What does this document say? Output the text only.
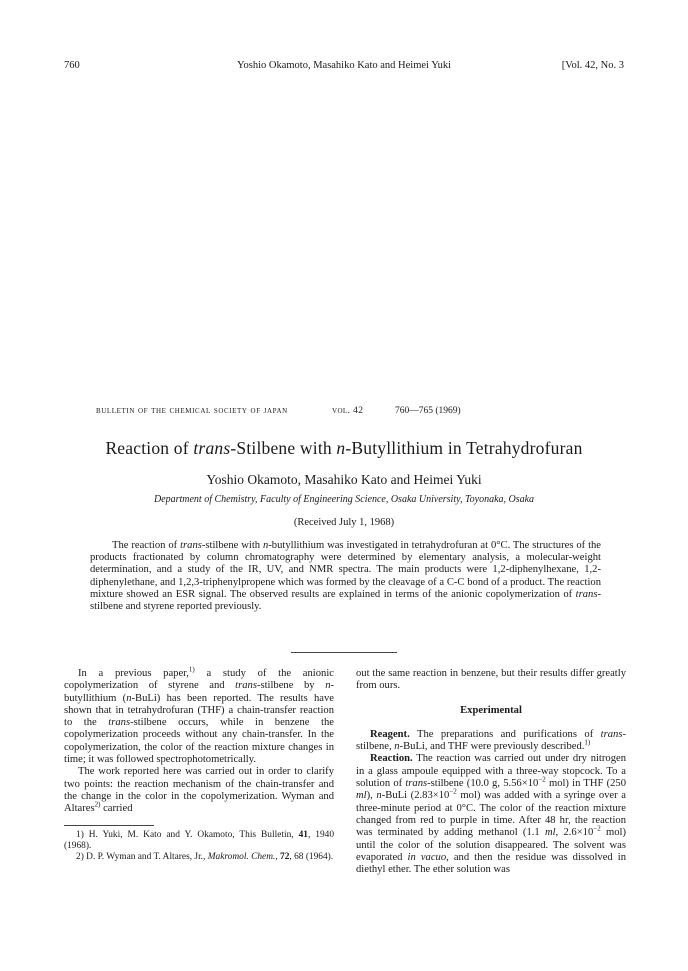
760	Yoshio Okamoto, Masahiko Kato and Heimei Yuki	[Vol. 42, No. 3
bulletin of the chemical society of japan	vol. 42	760—765 (1969)
Reaction of trans-Stilbene with n-Butyllithium in Tetrahydrofuran
Yoshio Okamoto, Masahiko Kato and Heimei Yuki
Department of Chemistry, Faculty of Engineering Science, Osaka University, Toyonaka, Osaka
(Received July 1, 1968)
The reaction of trans-stilbene with n-butyllithium was investigated in tetrahydrofuran at 0°C. The structures of the products fractionated by column chromatography were determined by elementary analysis, a molecular-weight determination, and a study of the IR, UV, and NMR spectra. The main products were 1,2-diphenylhexane, 1,2-diphenylethane, and 1,2,3-triphenylpropene which was formed by the cleavage of a C-C bond of a product. The reaction mixture showed an ESR signal. The observed results are explained in terms of the anionic copolymerization of trans-stilbene and styrene reported previously.

In a previous paper,$^{1)}$ a study of the anionic copolymerization of styrene and trans-stilbene by n-butyllithium (n-BuLi) has been reported. The results have shown that in tetrahydrofuran (THF) a chain-transfer reaction to the trans-stilbene occurs, while in benzene the copolymerization proceeds without any chain-transfer. In the copolymerization, the color of the reaction mixture changes in time; it was followed spectrophotometrically.

The work reported here was carried out in order to clarify two points: the reaction mechanism of the chain-transfer and the change in the color in the copolymerization. Wyman and Altares$^{2)}$ carried

1) H. Yuki, M. Kato and Y. Okamoto, This Bulletin, 41, 1940 (1968).

2) D. P. Wyman and T. Altares, Jr., Makromol. Chem., 72, 68 (1964).

out the same reaction in benzene, but their results differ greatly from ours.

Experimental

Reagent. The preparations and purifications of trans-stilbene, n-BuLi, and THF were previously described.$^{1)}$

Reaction. The reaction was carried out under dry nitrogen in a glass ampoule equipped with a three-way stopcock. To a solution of trans-stilbene (10.0 g, $5.56\times 10^{-2}$ mol) in THF (250 ml), n-BuLi ($2.83\times 10^{-2}$ mol) was added with a syringe over a three-minute period at 0°C. The color of the reaction mixture changed from red to purple in time. After 48 hr, the reaction was terminated by adding methanol (1.1 ml, $2.6\times 10^{-2}$ mol) until the color of the solution disappeared. The solvent was evaporated in vacuo, and then the residue was dissolved in diethyl ether. The ether solution was
